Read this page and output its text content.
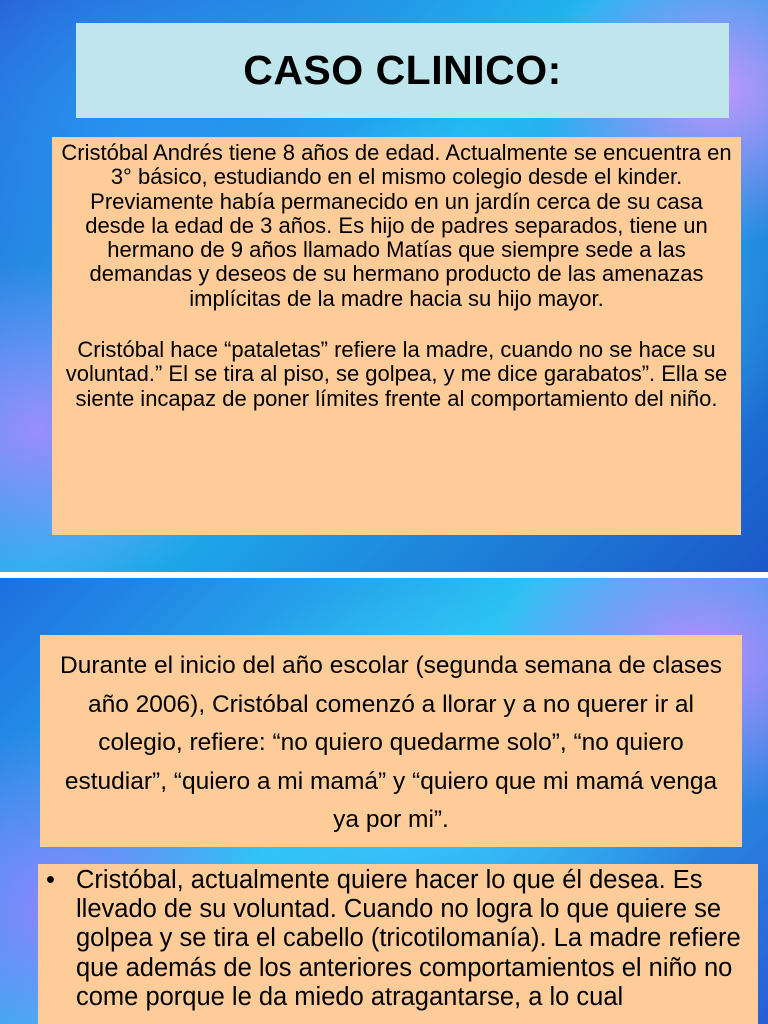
CASO CLINICO:

Cristóbal Andrés tiene 8 años de edad. Actualmente se encuentra en 3° básico, estudiando en el mismo colegio desde el kinder. Previamente había permanecido en un jardín cerca de su casa desde la edad de 3 años. Es hijo de padres separados, tiene un hermano de 9 años llamado Matías que siempre sede a las demandas y deseos de su hermano producto de las amenazas implícitas de la madre hacia su hijo mayor.

Cristóbal hace “pataletas” refiere la madre, cuando no se hace su voluntad.” El se tira al piso, se golpea, y me dice garabatos”. Ella se siente incapaz de poner límites frente al comportamiento del niño.

Durante el inicio del año escolar (segunda semana de clases año 2006), Cristóbal comenzó a llorar y a no querer ir al colegio, refiere: “no quiero quedarme solo”, “no quiero estudiar”, “quiero a mi mamá” y “quiero que mi mamá venga ya por mi”.

• Cristóbal, actualmente quiere hacer lo que él desea. Es llevado de su voluntad. Cuando no logra lo que quiere se golpea y se tira el cabello (tricotilomanía). La madre refiere que además de los anteriores comportamientos el niño no come porque le da miedo atragantarse, a lo cual
